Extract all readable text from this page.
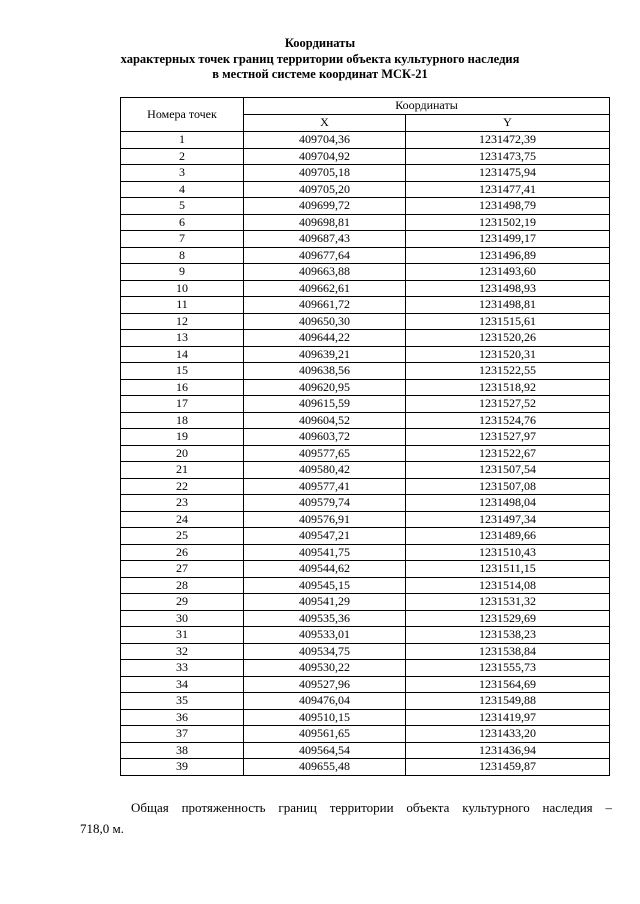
Координаты

характерных точек границ территории объекта культурного наследия

в местной системе координат МСК-21

Номера точек	Координаты	
	X	Y
1	409704,36	1231472,39
2	409704,92	1231473,75
3	409705,18	1231475,94
4	409705,20	1231477,41
5	409699,72	1231498,79
6	409698,81	1231502,19
7	409687,43	1231499,17
8	409677,64	1231496,89
9	409663,88	1231493,60
10	409662,61	1231498,93
11	409661,72	1231498,81
12	409650,30	1231515,61
13	409644,22	1231520,26
14	409639,21	1231520,31
15	409638,56	1231522,55
16	409620,95	1231518,92
17	409615,59	1231527,52
18	409604,52	1231524,76
19	409603,72	1231527,97
20	409577,65	1231522,67
21	409580,42	1231507,54
22	409577,41	1231507,08
23	409579,74	1231498,04
24	409576,91	1231497,34
25	409547,21	1231489,66
26	409541,75	1231510,43
27	409544,62	1231511,15
28	409545,15	1231514,08
29	409541,29	1231531,32
30	409535,36	1231529,69
31	409533,01	1231538,23
32	409534,75	1231538,84
33	409530,22	1231555,73
34	409527,96	1231564,69
35	409476,04	1231549,88
36	409510,15	1231419,97
37	409561,65	1231433,20
38	409564,54	1231436,94
39	409655,48	1231459,87

Общая протяженность границ территории объекта культурного наследия –
718,0 м.
